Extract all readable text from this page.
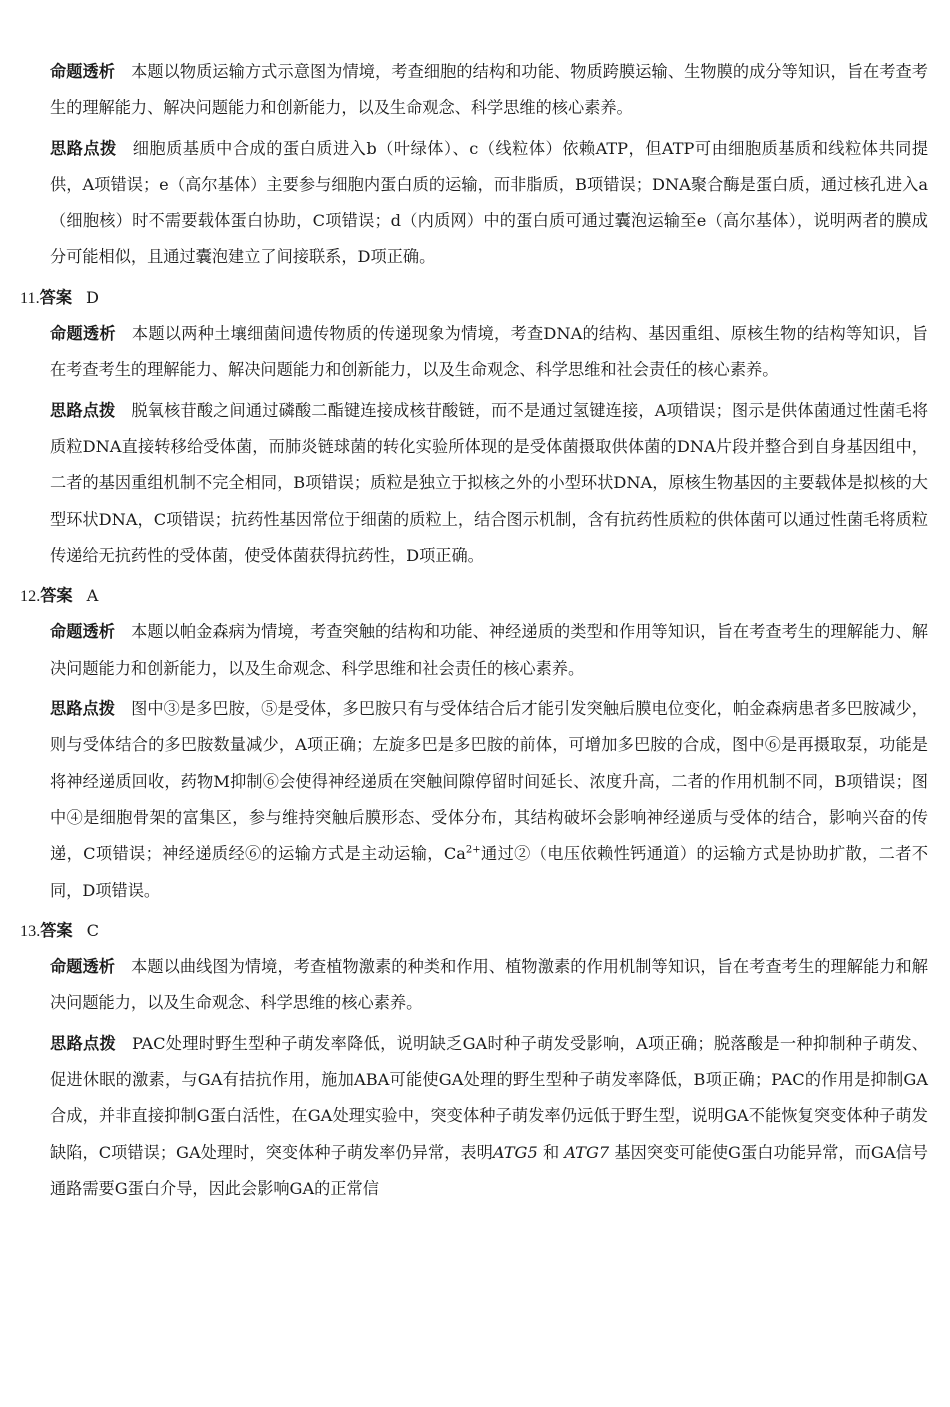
命题透析 本题以物质运输方式示意图为情境，考查细胞的结构和功能、物质跨膜运输、生物膜的成分等知识，旨在考查考生的理解能力、解决问题能力和创新能力，以及生命观念、科学思维的核心素养。

思路点拨 细胞质基质中合成的蛋白质进入b（叶绿体）、c（线粒体）依赖ATP，但ATP可由细胞质基质和线粒体共同提供，A项错误；e（高尔基体）主要参与细胞内蛋白质的运输，而非脂质，B项错误；DNA聚合酶是蛋白质，通过核孔进入a（细胞核）时不需要载体蛋白协助，C项错误；d（内质网）中的蛋白质可通过囊泡运输至e（高尔基体），说明两者的膜成分可能相似，且通过囊泡建立了间接联系，D项正确。

11.答案 D

命题透析 本题以两种土壤细菌间遗传物质的传递现象为情境，考查DNA的结构、基因重组、原核生物的结构等知识，旨在考查考生的理解能力、解决问题能力和创新能力，以及生命观念、科学思维和社会责任的核心素养。

思路点拨 脱氧核苷酸之间通过磷酸二酯键连接成核苷酸链，而不是通过氢键连接，A项错误；图示是供体菌通过性菌毛将质粒DNA直接转移给受体菌，而肺炎链球菌的转化实验所体现的是受体菌摄取供体菌的DNA片段并整合到自身基因组中，二者的基因重组机制不完全相同，B项错误；质粒是独立于拟核之外的小型环状DNA，原核生物基因的主要载体是拟核的大型环状DNA，C项错误；抗药性基因常位于细菌的质粒上，结合图示机制，含有抗药性质粒的供体菌可以通过性菌毛将质粒传递给无抗药性的受体菌，使受体菌获得抗药性，D项正确。

12.答案 A

命题透析 本题以帕金森病为情境，考查突触的结构和功能、神经递质的类型和作用等知识，旨在考查考生的理解能力、解决问题能力和创新能力，以及生命观念、科学思维和社会责任的核心素养。

思路点拨 图中③是多巴胺，⑤是受体，多巴胺只有与受体结合后才能引发突触后膜电位变化，帕金森病患者多巴胺减少，则与受体结合的多巴胺数量减少，A项正确；左旋多巴是多巴胺的前体，可增加多巴胺的合成，图中⑥是再摄取泵，功能是将神经递质回收，药物M抑制⑥会使得神经递质在突触间隙停留时间延长、浓度升高，二者的作用机制不同，B项错误；图中④是细胞骨架的富集区，参与维持突触后膜形态、受体分布，其结构破坏会影响神经递质与受体的结合，影响兴奋的传递，C项错误；神经递质经⑥的运输方式是主动运输，$Ca^{2+}$通过②（电压依赖性钙通道）的运输方式是协助扩散，二者不同，D项错误。

13.答案 C

命题透析 本题以曲线图为情境，考查植物激素的种类和作用、植物激素的作用机制等知识，旨在考查考生的理解能力和解决问题能力，以及生命观念、科学思维的核心素养。

思路点拨 PAC处理时野生型种子萌发率降低，说明缺乏GA时种子萌发受影响，A项正确；脱落酸是一种抑制种子萌发、促进休眠的激素，与GA有拮抗作用，施加ABA可能使GA处理的野生型种子萌发率降低，B项正确；PAC的作用是抑制GA合成，并非直接抑制G蛋白活性，在GA处理实验中，突变体种子萌发率仍远低于野生型，说明GA不能恢复突变体种子萌发缺陷，C项错误；GA处理时，突变体种子萌发率仍异常，表明ATG5 和 ATG7 基因突变可能使G蛋白功能异常，而GA信号通路需要G蛋白介导，因此会影响GA的正常信
